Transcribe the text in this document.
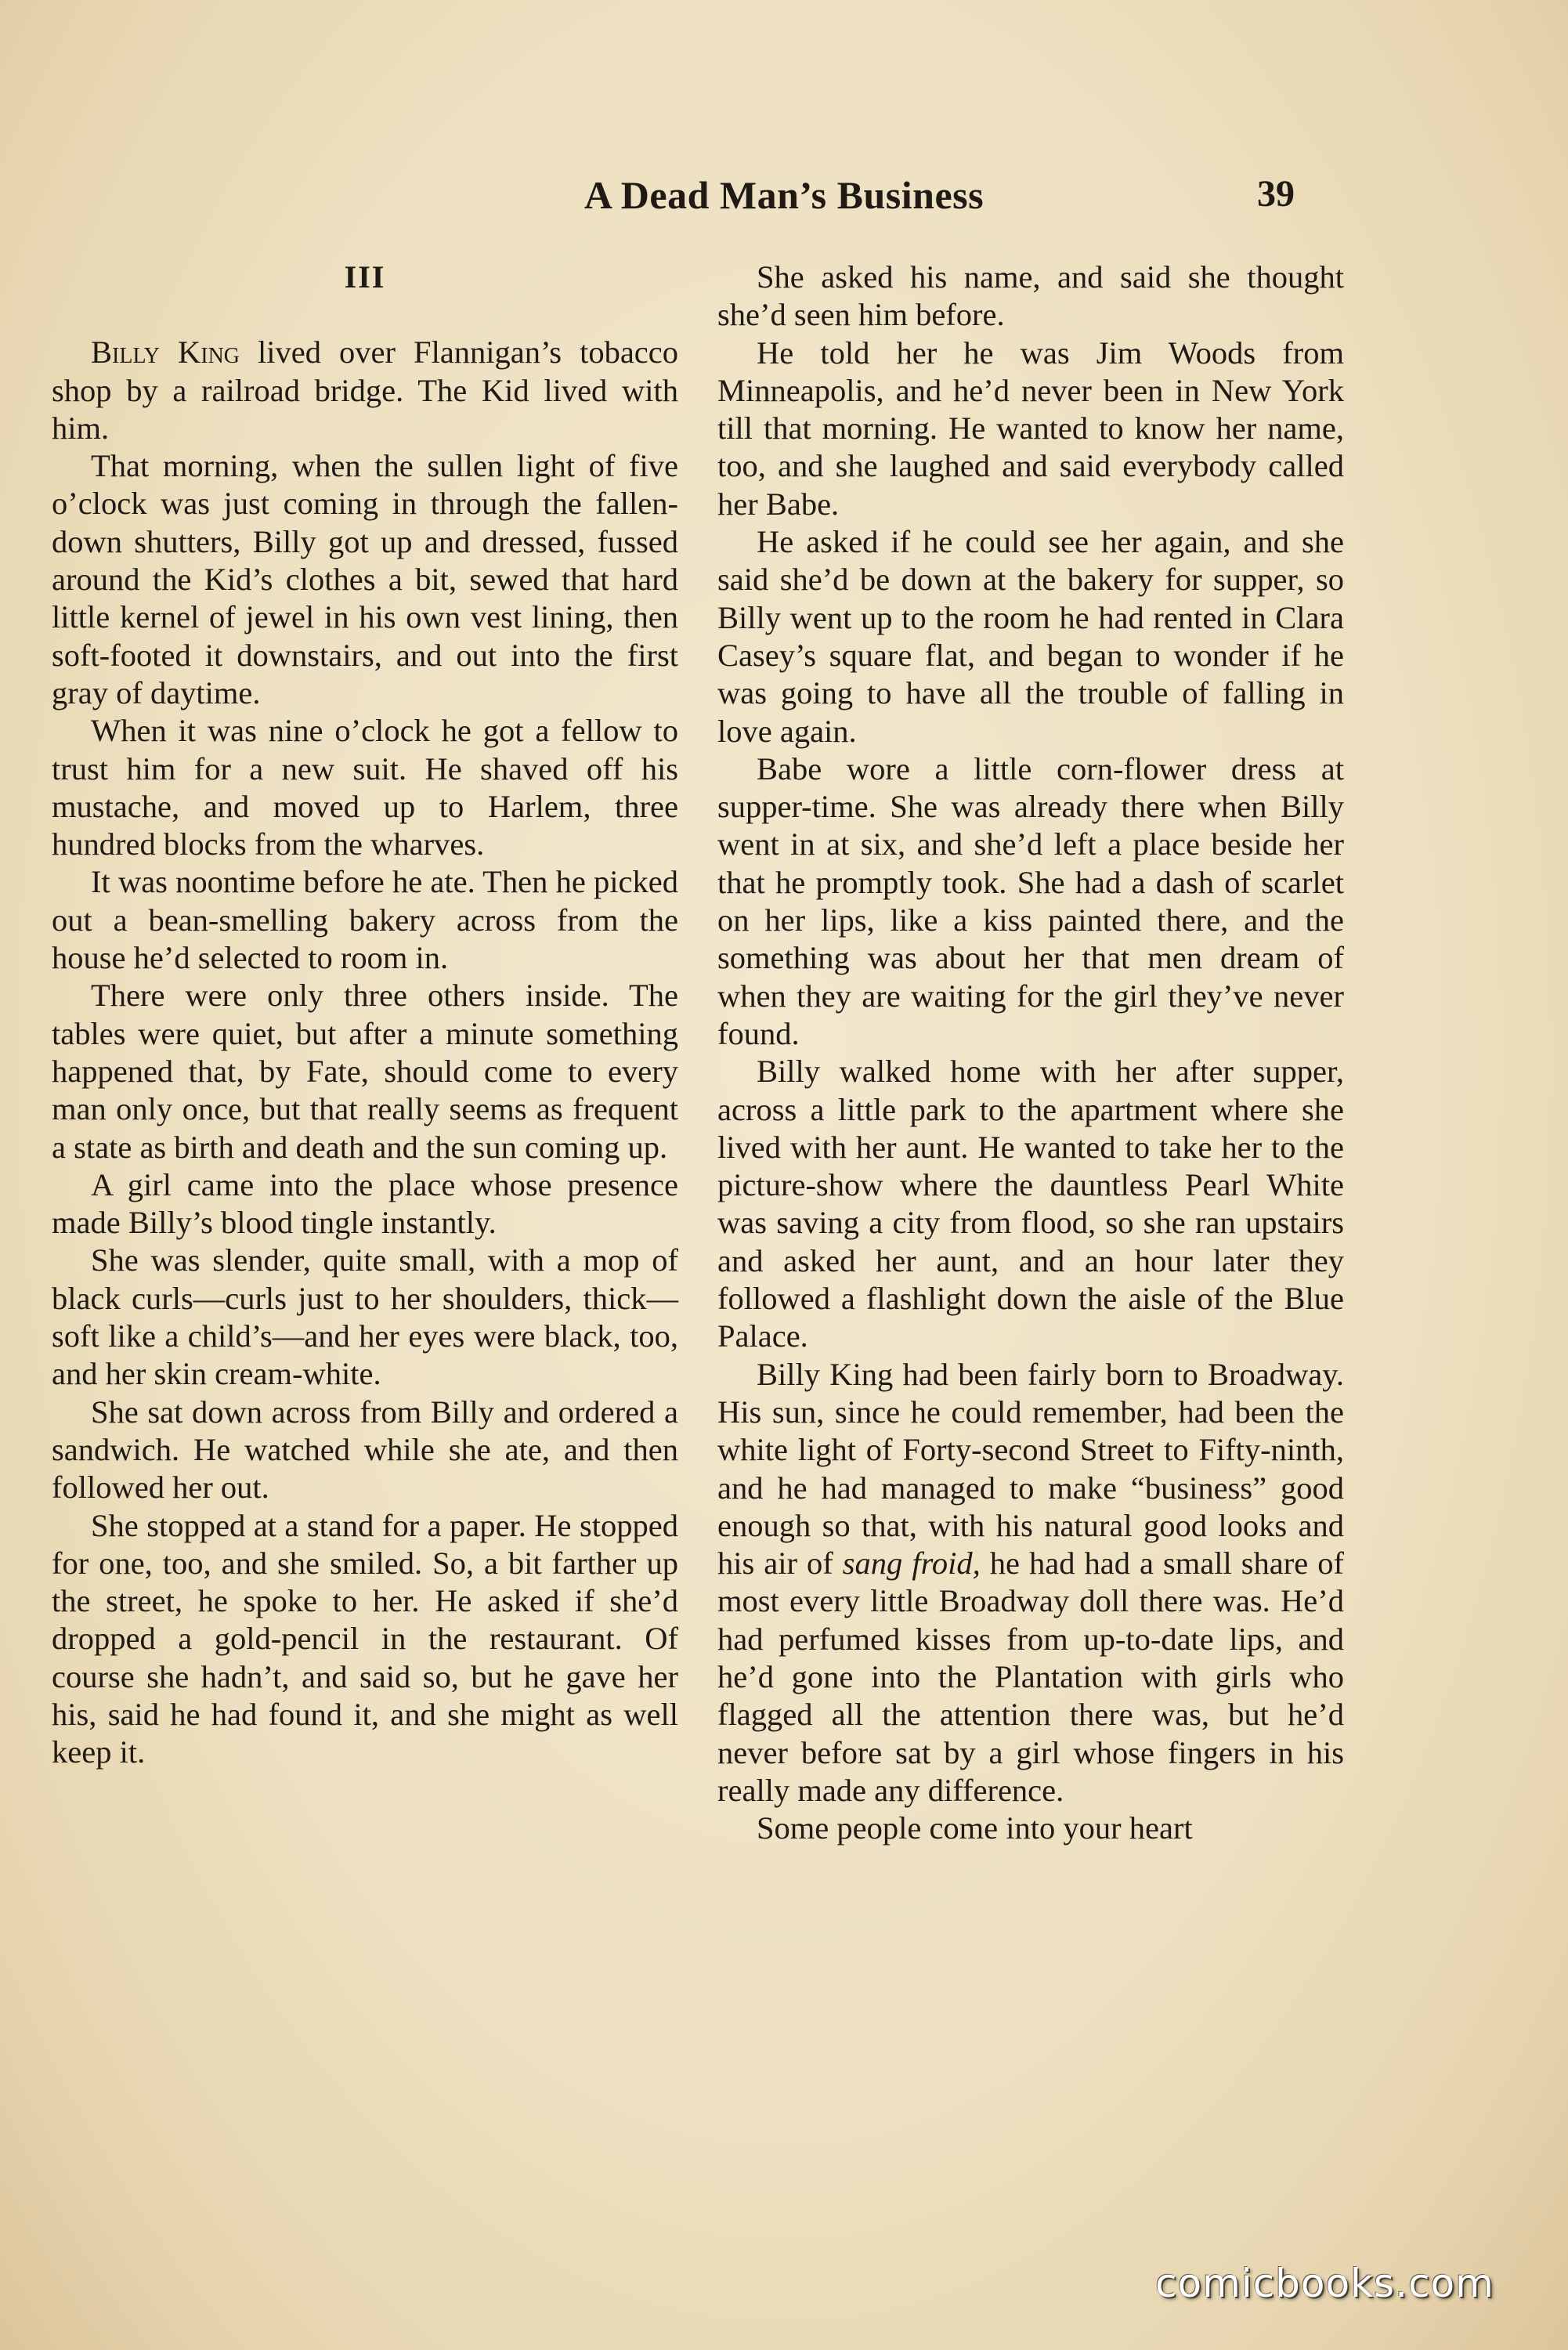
A Dead Man’s Business	39

III

Billy King lived over Flannigan’s tobacco shop by a railroad bridge. The Kid lived with him.

That morning, when the sullen light of five o’clock was just coming in through the fallen-down shutters, Billy got up and dressed, fussed around the Kid’s clothes a bit, sewed that hard little kernel of jewel in his own vest lining, then soft-footed it downstairs, and out into the first gray of daytime.

When it was nine o’clock he got a fellow to trust him for a new suit. He shaved off his mustache, and moved up to Harlem, three hundred blocks from the wharves.

It was noontime before he ate. Then he picked out a bean-smelling bakery across from the house he’d selected to room in.

There were only three others inside. The tables were quiet, but after a minute something happened that, by Fate, should come to every man only once, but that really seems as frequent a state as birth and death and the sun coming up.

A girl came into the place whose presence made Billy’s blood tingle instantly.

She was slender, quite small, with a mop of black curls—curls just to her shoulders, thick—soft like a child’s—and her eyes were black, too, and her skin cream-white.

She sat down across from Billy and ordered a sandwich. He watched while she ate, and then followed her out.

She stopped at a stand for a paper. He stopped for one, too, and she smiled. So, a bit farther up the street, he spoke to her. He asked if she’d dropped a gold-pencil in the restaurant. Of course she hadn’t, and said so, but he gave her his, said he had found it, and she might as well keep it.

She asked his name, and said she thought she’d seen him before.

He told her he was Jim Woods from Minneapolis, and he’d never been in New York till that morning. He wanted to know her name, too, and she laughed and said everybody called her Babe.

He asked if he could see her again, and she said she’d be down at the bakery for supper, so Billy went up to the room he had rented in Clara Casey’s square flat, and began to wonder if he was going to have all the trouble of falling in love again.

Babe wore a little corn-flower dress at supper-time. She was already there when Billy went in at six, and she’d left a place beside her that he promptly took. She had a dash of scarlet on her lips, like a kiss painted there, and the something was about her that men dream of when they are waiting for the girl they’ve never found.

Billy walked home with her after supper, across a little park to the apartment where she lived with her aunt. He wanted to take her to the picture-show where the dauntless Pearl White was saving a city from flood, so she ran upstairs and asked her aunt, and an hour later they followed a flashlight down the aisle of the Blue Palace.

Billy King had been fairly born to Broadway. His sun, since he could remember, had been the white light of Forty-second Street to Fifty-ninth, and he had managed to make “business” good enough so that, with his natural good looks and his air of sang froid, he had had a small share of most every little Broadway doll there was. He’d had perfumed kisses from up-to-date lips, and he’d gone into the Plantation with girls who flagged all the attention there was, but he’d never before sat by a girl whose fingers in his really made any difference.

Some people come into your heart

comicbooks.com
